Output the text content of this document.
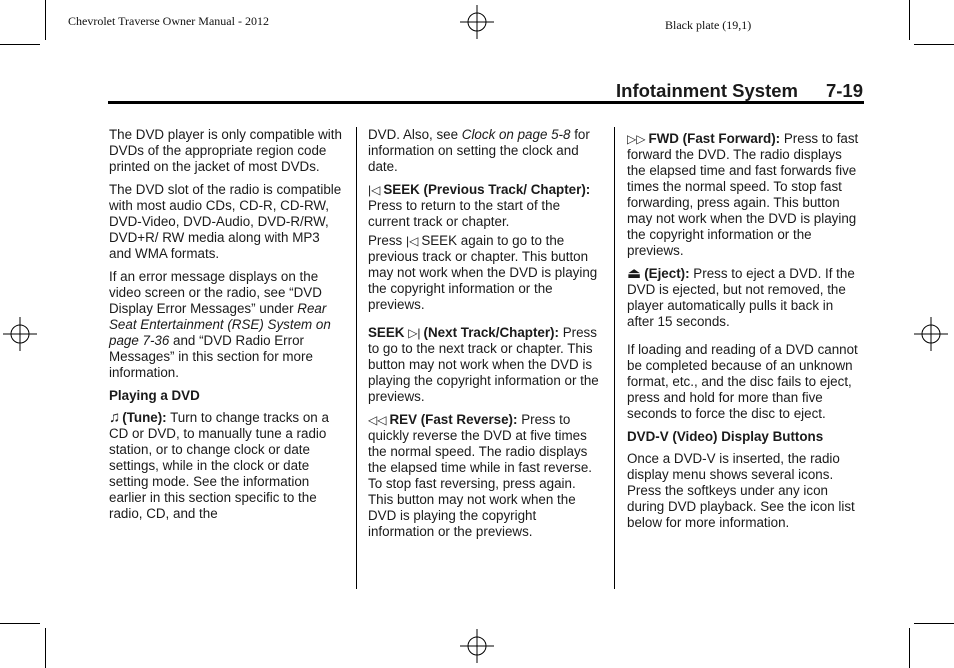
Chevrolet Traverse Owner Manual - 2012	Black plate (19,1)
Infotainment System 7-19

The DVD player is only compatible with DVDs of the appropriate region code printed on the jacket of most DVDs.

The DVD slot of the radio is compatible with most audio CDs, CD-R, CD-RW, DVD-Video, DVD-Audio, DVD-R/RW, DVD+R/ RW media along with MP3 and WMA formats.

If an error message displays on the video screen or the radio, see “DVD Display Error Messages” under Rear Seat Entertainment (RSE) System on page 7-36 and “DVD Radio Error Messages” in this section for more information.

Playing a DVD

♫ (Tune): Turn to change tracks on a CD or DVD, to manually tune a radio station, or to change clock or date settings, while in the clock or date setting mode. See the information earlier in this section specific to the radio, CD, and the

DVD. Also, see Clock on page 5-8 for information on setting the clock and date.

|◁ SEEK (Previous Track/ Chapter): Press to return to the start of the current track or chapter.

Press |◁ SEEK again to go to the previous track or chapter. This button may not work when the DVD is playing the copyright information or the previews.

SEEK ▷| (Next Track/Chapter): Press to go to the next track or chapter. This button may not work when the DVD is playing the copyright information or the previews.

◁◁ REV (Fast Reverse): Press to quickly reverse the DVD at five times the normal speed. The radio displays the elapsed time while in fast reverse. To stop fast reversing, press again. This button may not work when the DVD is playing the copyright information or the previews.

▷▷ FWD (Fast Forward): Press to fast forward the DVD. The radio displays the elapsed time and fast forwards five times the normal speed. To stop fast forwarding, press again. This button may not work when the DVD is playing the copyright information or the previews.

⏏ (Eject): Press to eject a DVD. If the DVD is ejected, but not removed, the player automatically pulls it back in after 15 seconds.

If loading and reading of a DVD cannot be completed because of an unknown format, etc., and the disc fails to eject, press and hold for more than five seconds to force the disc to eject.

DVD-V (Video) Display Buttons

Once a DVD-V is inserted, the radio display menu shows several icons. Press the softkeys under any icon during DVD playback. See the icon list below for more information.
